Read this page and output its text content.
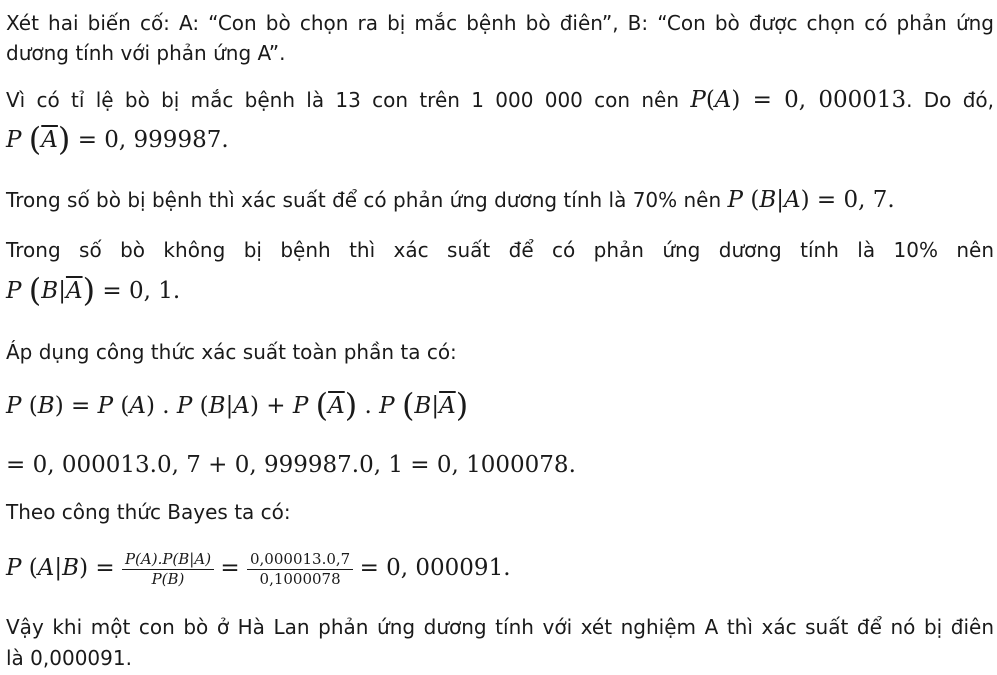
Xét hai biến cố: A: “Con bò chọn ra bị mắc bệnh bò điên”, B: “Con bò được chọn có phản ứng
dương tính với phản ứng A”.
Vì có tỉ lệ bò bị mắc bệnh là 13 con trên 1 000 000 con nên P(A) = 0, 000013. Do đó,
P $(\overline{A}) = 0$, 999987.
Trong số bò bị bệnh thì xác suất để có phản ứng dương tính là 70% nên P (B|A) = 0, 7.
Trong số bò không bị bệnh thì xác suất để có phản ứng dương tính là 10% nên
P $(B|\overline{A}) = 0$, 1.
Áp dụng công thức xác suất toàn phần ta có:
P (B) = P (A) . P (B|A) + P $(\overline{A})$ . P $(B|\overline{A})$
= 0, 000013.0, 7 + 0, 999987.0, 1 = 0, 1000078.
Theo công thức Bayes ta có:
P $(A|B) = \frac{P(A).P(B|A)}{P(B)} = \frac{0,000013.0,7}{0,1000078} = 0$, 000091.
Vậy khi một con bò ở Hà Lan phản ứng dương tính với xét nghiệm A thì xác suất để nó bị điên
là 0,000091.
